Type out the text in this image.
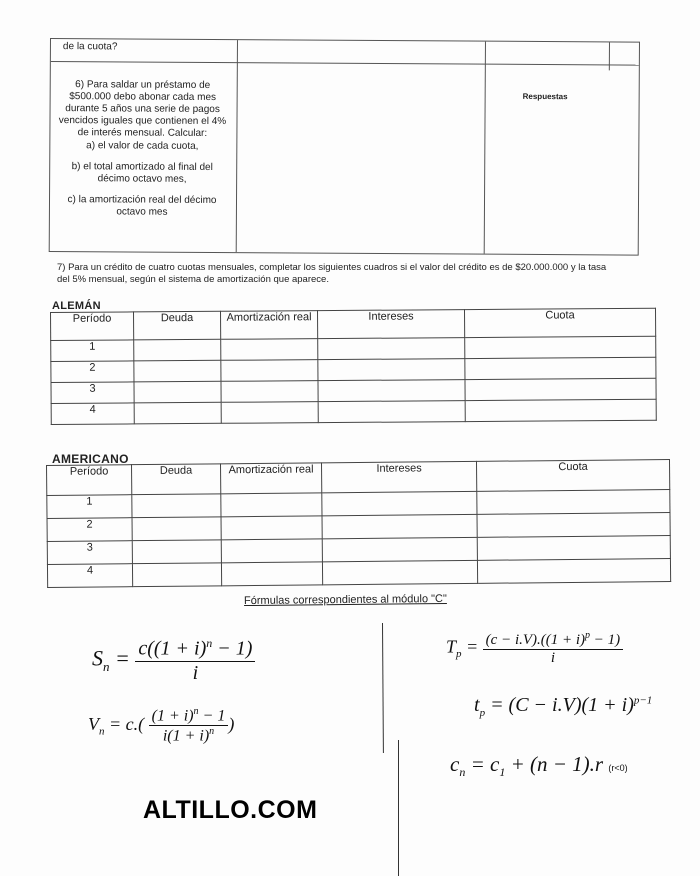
de la cuota?

6) Para saldar un préstamo de $500.000 debo abonar cada mes durante 5 años una serie de pagos vencidos iguales que contienen el 4% de interés mensual. Calcular:

a) el valor de cada cuota,

b) el total amortizado al final del décimo octavo mes,

c) la amortización real del décimo octavo mes

Respuestas
7) Para un crédito de cuatro cuotas mensuales, completar los siguientes cuadros si el valor del crédito es de $20.000.000 y la tasa del 5% mensual, según el sistema de amortización que aparece.
ALEMÁN
Período	Deuda	Amortización real	Intereses	Cuota
1				
2				
3				
4				
AMERICANO
Período	Deuda	Amortización real	Intereses	Cuota
1				
2				
3				
4				
Fórmulas correspondientes al módulo "C"
$S_n = \frac{c((1 + i)^n - 1)}{i}$
$V_n = c.( \frac{(1 + i)^n - 1}{i(1 + i)^n}$ )
$T_p = \frac{(c - i.V).((1 + i)^p - 1)}{i}$
$t_p = (C - i.V)(1 + i)^{p-1}$
$c_n = c_1 + (n - 1).r$ (r<0)
ALTILLO.COM
